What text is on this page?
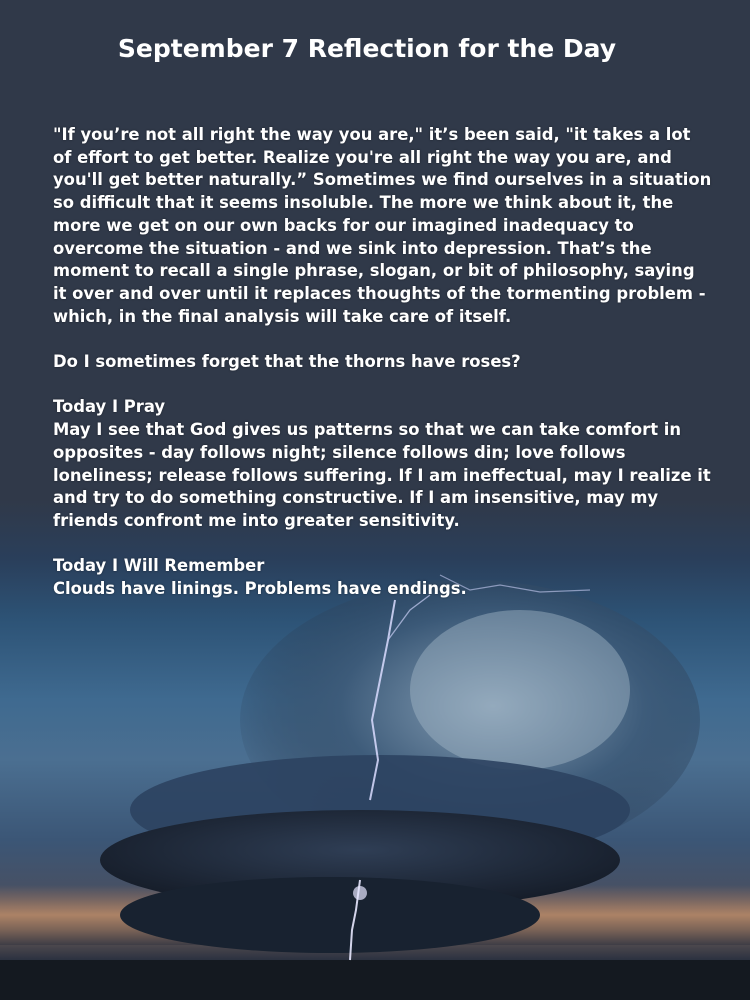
September 7 Reflection for the Day

"If you’re not all right the way you are," it’s been said, "it takes a lot of effort to get better. Realize you're all right the way you are, and you'll get better naturally.” Sometimes we find ourselves in a situation so difficult that it seems insoluble. The more we think about it, the more we get on our own backs for our imagined inadequacy to overcome the situation - and we sink into depression. That’s the moment to recall a single phrase, slogan, or bit of philosophy, saying it over and over until it replaces thoughts of the tormenting problem - which, in the final analysis will take care of itself.

Do I sometimes forget that the thorns have roses?

Today I Pray
May I see that God gives us patterns so that we can take comfort in opposites - day follows night; silence follows din; love follows loneliness; release follows suffering. If I am ineffectual, may I realize it and try to do something constructive. If I am insensitive, may my friends confront me into greater sensitivity.

Today I Will Remember
Clouds have linings. Problems have endings.
